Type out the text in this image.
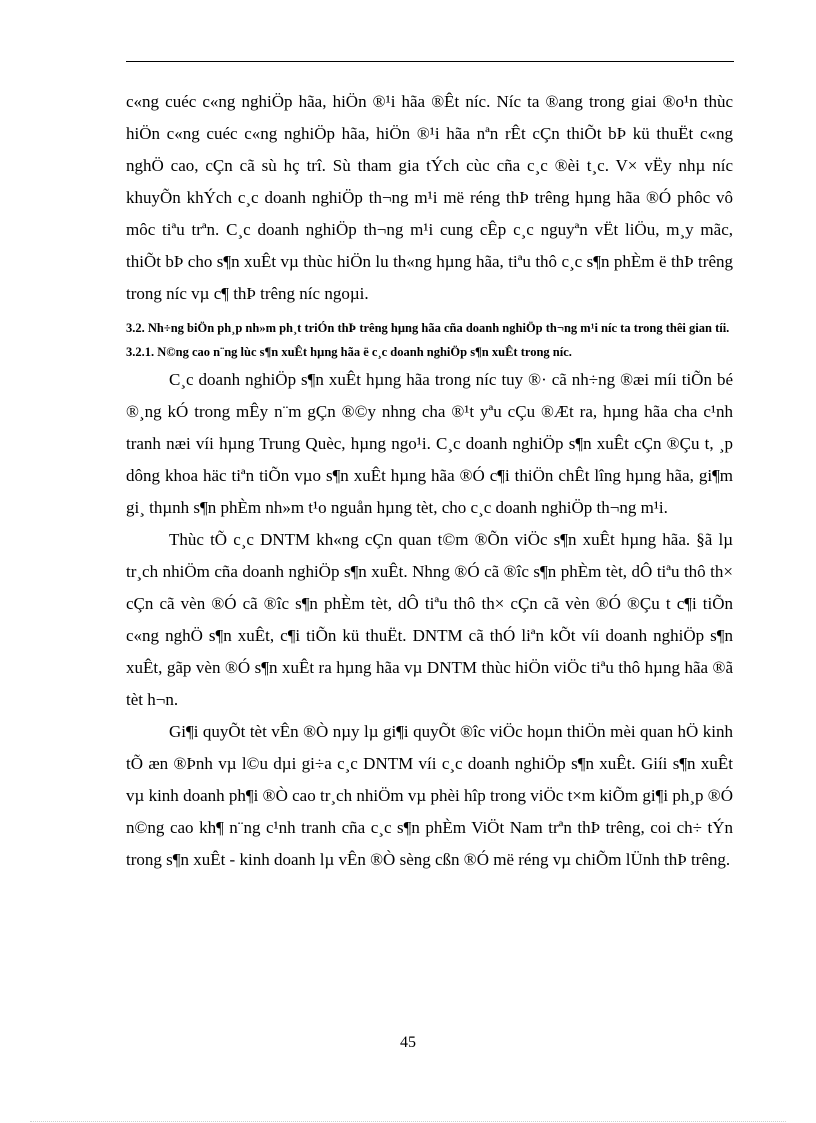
c«ng cuéc c«ng nghiÖp hãa, hiÖn ®¹i hãa ®Êt níc. Níc ta ®ang trong giai ®o¹n thùc hiÖn c«ng cuéc c«ng nghiÖp hãa, hiÖn ®¹i hãa nªn rÊt cÇn thiÕt bÞ kü thuËt c«ng nghÖ cao, cÇn cã sù hç trî. Sù tham gia tÝch cùc cña c¸c ®èi t¸c. V× vËy nhµ níc khuyÕn khÝch c¸c doanh nghiÖp th¬ng m¹i më réng thÞ trêng hµng hãa ®Ó phôc vô môc tiªu trªn. C¸c doanh nghiÖp th¬ng m¹i cung cÊp c¸c nguyªn vËt liÖu, m¸y mãc, thiÕt bÞ cho s¶n xuÊt vµ thùc hiÖn lu th«ng hµng hãa, tiªu thô c¸c s¶n phÈm ë thÞ trêng trong níc vµ c¶ thÞ trêng níc ngoµi.

3.2. Nh÷ng biÖn ph¸p nh»m ph¸t triÓn thÞ trêng hµng hãa cña doanh nghiÖp th¬ng m¹i níc ta trong thêi gian tíi.

3.2.1. N©ng cao n¨ng lùc s¶n xuÊt hµng hãa ë c¸c doanh nghiÖp s¶n xuÊt trong níc.

C¸c doanh nghiÖp s¶n xuÊt hµng hãa trong níc tuy ®· cã nh÷ng ®æi míi tiÕn bé ®¸ng kÓ trong mÊy n¨m gÇn ®©y nhng cha ®¹t yªu cÇu ®Æt ra, hµng hãa cha c¹nh tranh næi víi hµng Trung Quèc, hµng ngo¹i. C¸c doanh nghiÖp s¶n xuÊt cÇn ®Çu t, ¸p dông khoa häc tiªn tiÕn vµo s¶n xuÊt hµng hãa ®Ó c¶i thiÖn chÊt lîng hµng hãa, gi¶m gi¸ thµnh s¶n phÈm nh»m t¹o nguån hµng tèt, cho c¸c doanh nghiÖp th¬ng m¹i.

Thùc tÕ c¸c DNTM kh«ng cÇn quan t©m ®Õn viÖc s¶n xuÊt hµng hãa. §ã lµ tr¸ch nhiÖm cña doanh nghiÖp s¶n xuÊt. Nhng ®Ó cã ®îc s¶n phÈm tèt, dÔ tiªu thô th× cÇn cã vèn ®Ó cã ®îc s¶n phÈm tèt, dÔ tiªu thô th× cÇn cã vèn ®Ó ®Çu t c¶i tiÕn c«ng nghÖ s¶n xuÊt, c¶i tiÕn kü thuËt. DNTM cã thÓ liªn kÕt víi doanh nghiÖp s¶n xuÊt, gãp vèn ®Ó s¶n xuÊt ra hµng hãa vµ DNTM thùc hiÖn viÖc tiªu thô hµng hãa ®ã tèt h¬n.

Gi¶i quyÕt tèt vÊn ®Ò nµy lµ gi¶i quyÕt ®îc viÖc hoµn thiÖn mèi quan hÖ kinh tÕ æn ®Þnh vµ l©u dµi gi÷a c¸c DNTM víi c¸c doanh nghiÖp s¶n xuÊt. Giíi s¶n xuÊt vµ kinh doanh ph¶i ®Ò cao tr¸ch nhiÖm vµ phèi hîp trong viÖc t×m kiÕm gi¶i ph¸p ®Ó n©ng cao kh¶ n¨ng c¹nh tranh cña c¸c s¶n phÈm ViÖt Nam trªn thÞ trêng, coi ch÷ tÝn trong s¶n xuÊt - kinh doanh lµ vÊn ®Ò sèng cßn ®Ó më réng vµ chiÕm lÜnh thÞ trêng.

45
